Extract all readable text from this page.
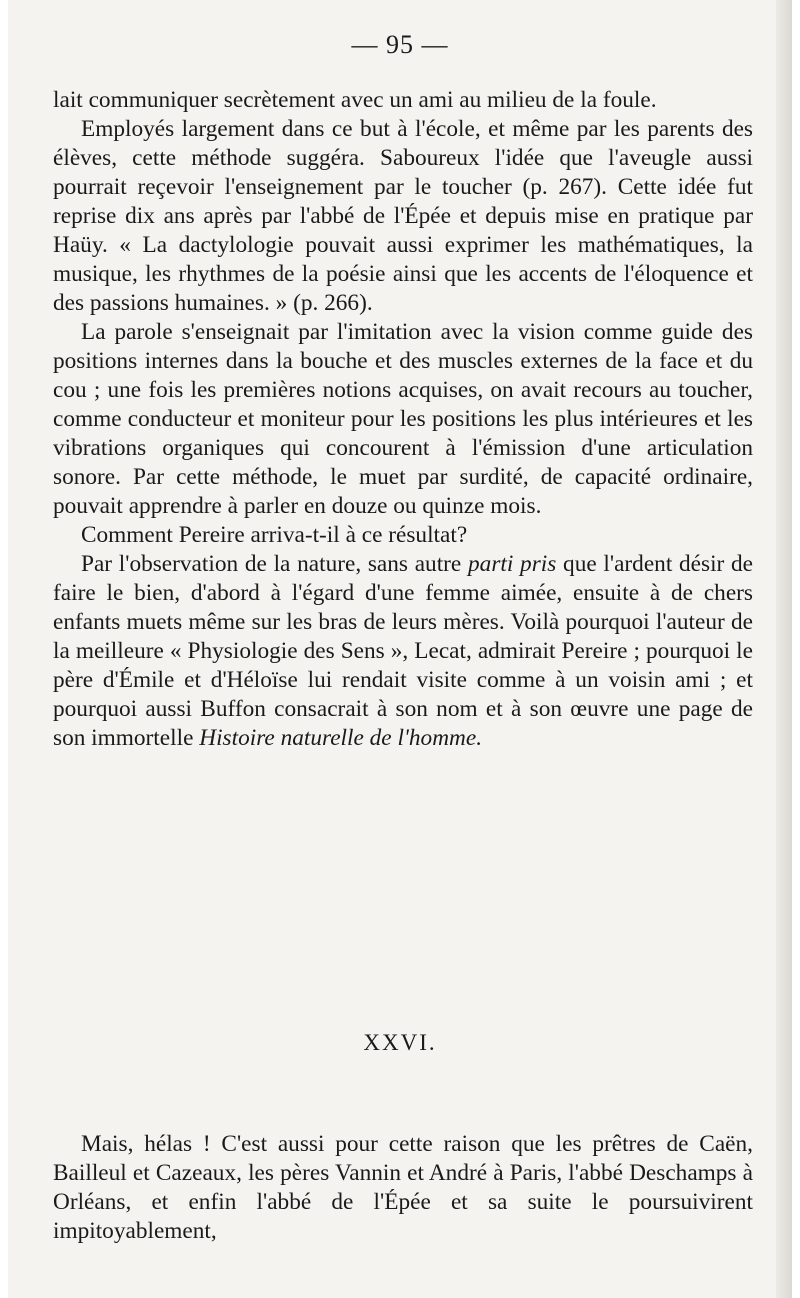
— 95 —

lait communiquer secrètement avec un ami au milieu de la foule.

Employés largement dans ce but à l'école, et même par les parents des élèves, cette méthode suggéra. Saboureux l'idée que l'aveugle aussi pourrait reçevoir l'enseignement par le toucher (p. 267). Cette idée fut reprise dix ans après par l'abbé de l'Épée et depuis mise en pratique par Haüy. « La dactylologie pouvait aussi exprimer les mathématiques, la musique, les rhythmes de la poésie ainsi que les accents de l'éloquence et des passions humaines. » (p. 266).

La parole s'enseignait par l'imitation avec la vision comme guide des positions internes dans la bouche et des muscles externes de la face et du cou ; une fois les premières notions acquises, on avait recours au toucher, comme conducteur et moniteur pour les positions les plus intérieures et les vibrations organiques qui concourent à l'émission d'une articulation sonore. Par cette méthode, le muet par surdité, de capacité ordinaire, pouvait apprendre à parler en douze ou quinze mois.

Comment Pereire arriva-t-il à ce résultat?

Par l'observation de la nature, sans autre parti pris que l'ardent désir de faire le bien, d'abord à l'égard d'une femme aimée, ensuite à de chers enfants muets même sur les bras de leurs mères. Voilà pourquoi l'auteur de la meilleure « Physiologie des Sens », Lecat, admirait Pereire ; pourquoi le père d'Émile et d'Héloïse lui rendait visite comme à un voisin ami ; et pourquoi aussi Buffon consacrait à son nom et à son œuvre une page de son immortelle Histoire naturelle de l'homme.

XXVI.

Mais, hélas ! C'est aussi pour cette raison que les prêtres de Caën, Bailleul et Cazeaux, les pères Vannin et André à Paris, l'abbé Deschamps à Orléans, et enfin l'abbé de l'Épée et sa suite le poursuivirent impitoyablement,
